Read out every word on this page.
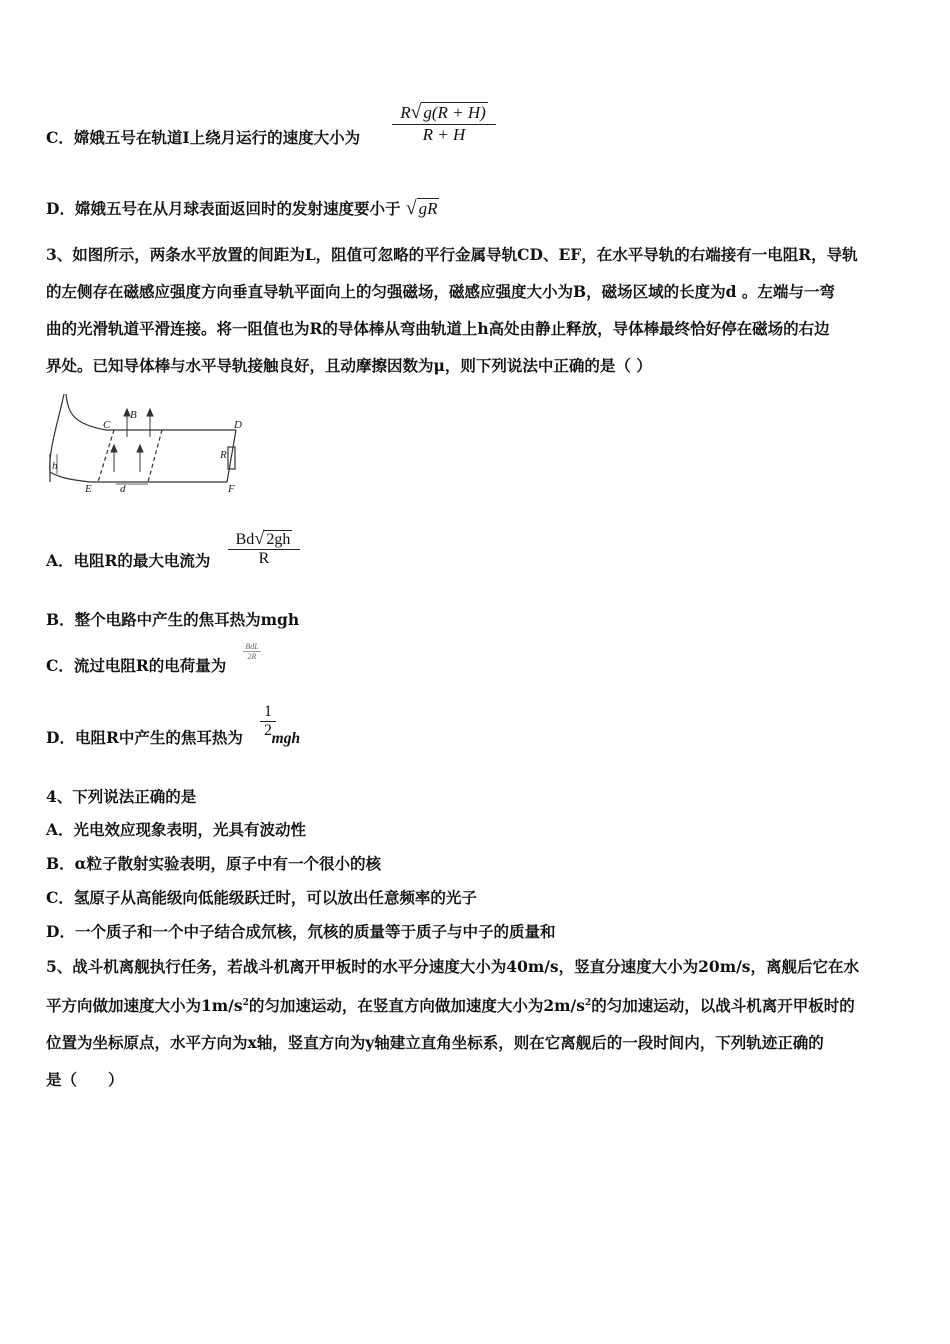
C．嫦娥五号在轨道Ⅰ上绕月运行的速度大小为
R√ g(R + H)
R + H
D．嫦娥五号在从月球表面返回时的发射速度要小于 √ gR

3、如图所示，两条水平放置的间距为L，阻值可忽略的平行金属导轨CD、EF，在水平导轨的右端接有一电阻R，导轨

的左侧存在磁感应强度方向垂直导轨平面向上的匀强磁场，磁感应强度大小为B，磁场区域的长度为d 。左端与一弯

曲的光滑轨道平滑连接。将一阻值也为R的导体棒从弯曲轨道上h高处由静止释放，导体棒最终恰好停在磁场的右边

界处。已知导体棒与水平导轨接触良好，且动摩擦因数为μ，则下列说法中正确的是（ ）

C	D
B
R
h
E	d	F
A．电阻R的最大电流为
Bd√ 2gh
R
B．整个电路中产生的焦耳热为mgh
C．流过电阻R的电荷量为
BdL
2R
D．电阻R中产生的焦耳热为 mgh
1
2
4、下列说法正确的是
A．光电效应现象表明，光具有波动性
B．α粒子散射实验表明，原子中有一个很小的核
C．氢原子从高能级向低能级跃迁时，可以放出任意频率的光子
D．一个质子和一个中子结合成氘核，氘核的质量等于质子与中子的质量和

5、战斗机离舰执行任务，若战斗机离开甲板时的水平分速度大小为40m/s，竖直分速度大小为20m/s，离舰后它在水

平方向做加速度大小为$1m/s^2$的匀加速运动，在竖直方向做加速度大小为$2m/s^2$的匀加速运动，以战斗机离开甲板时的

位置为坐标原点，水平方向为x轴，竖直方向为y轴建立直角坐标系，则在它离舰后的一段时间内，下列轨迹正确的

是（　　）
